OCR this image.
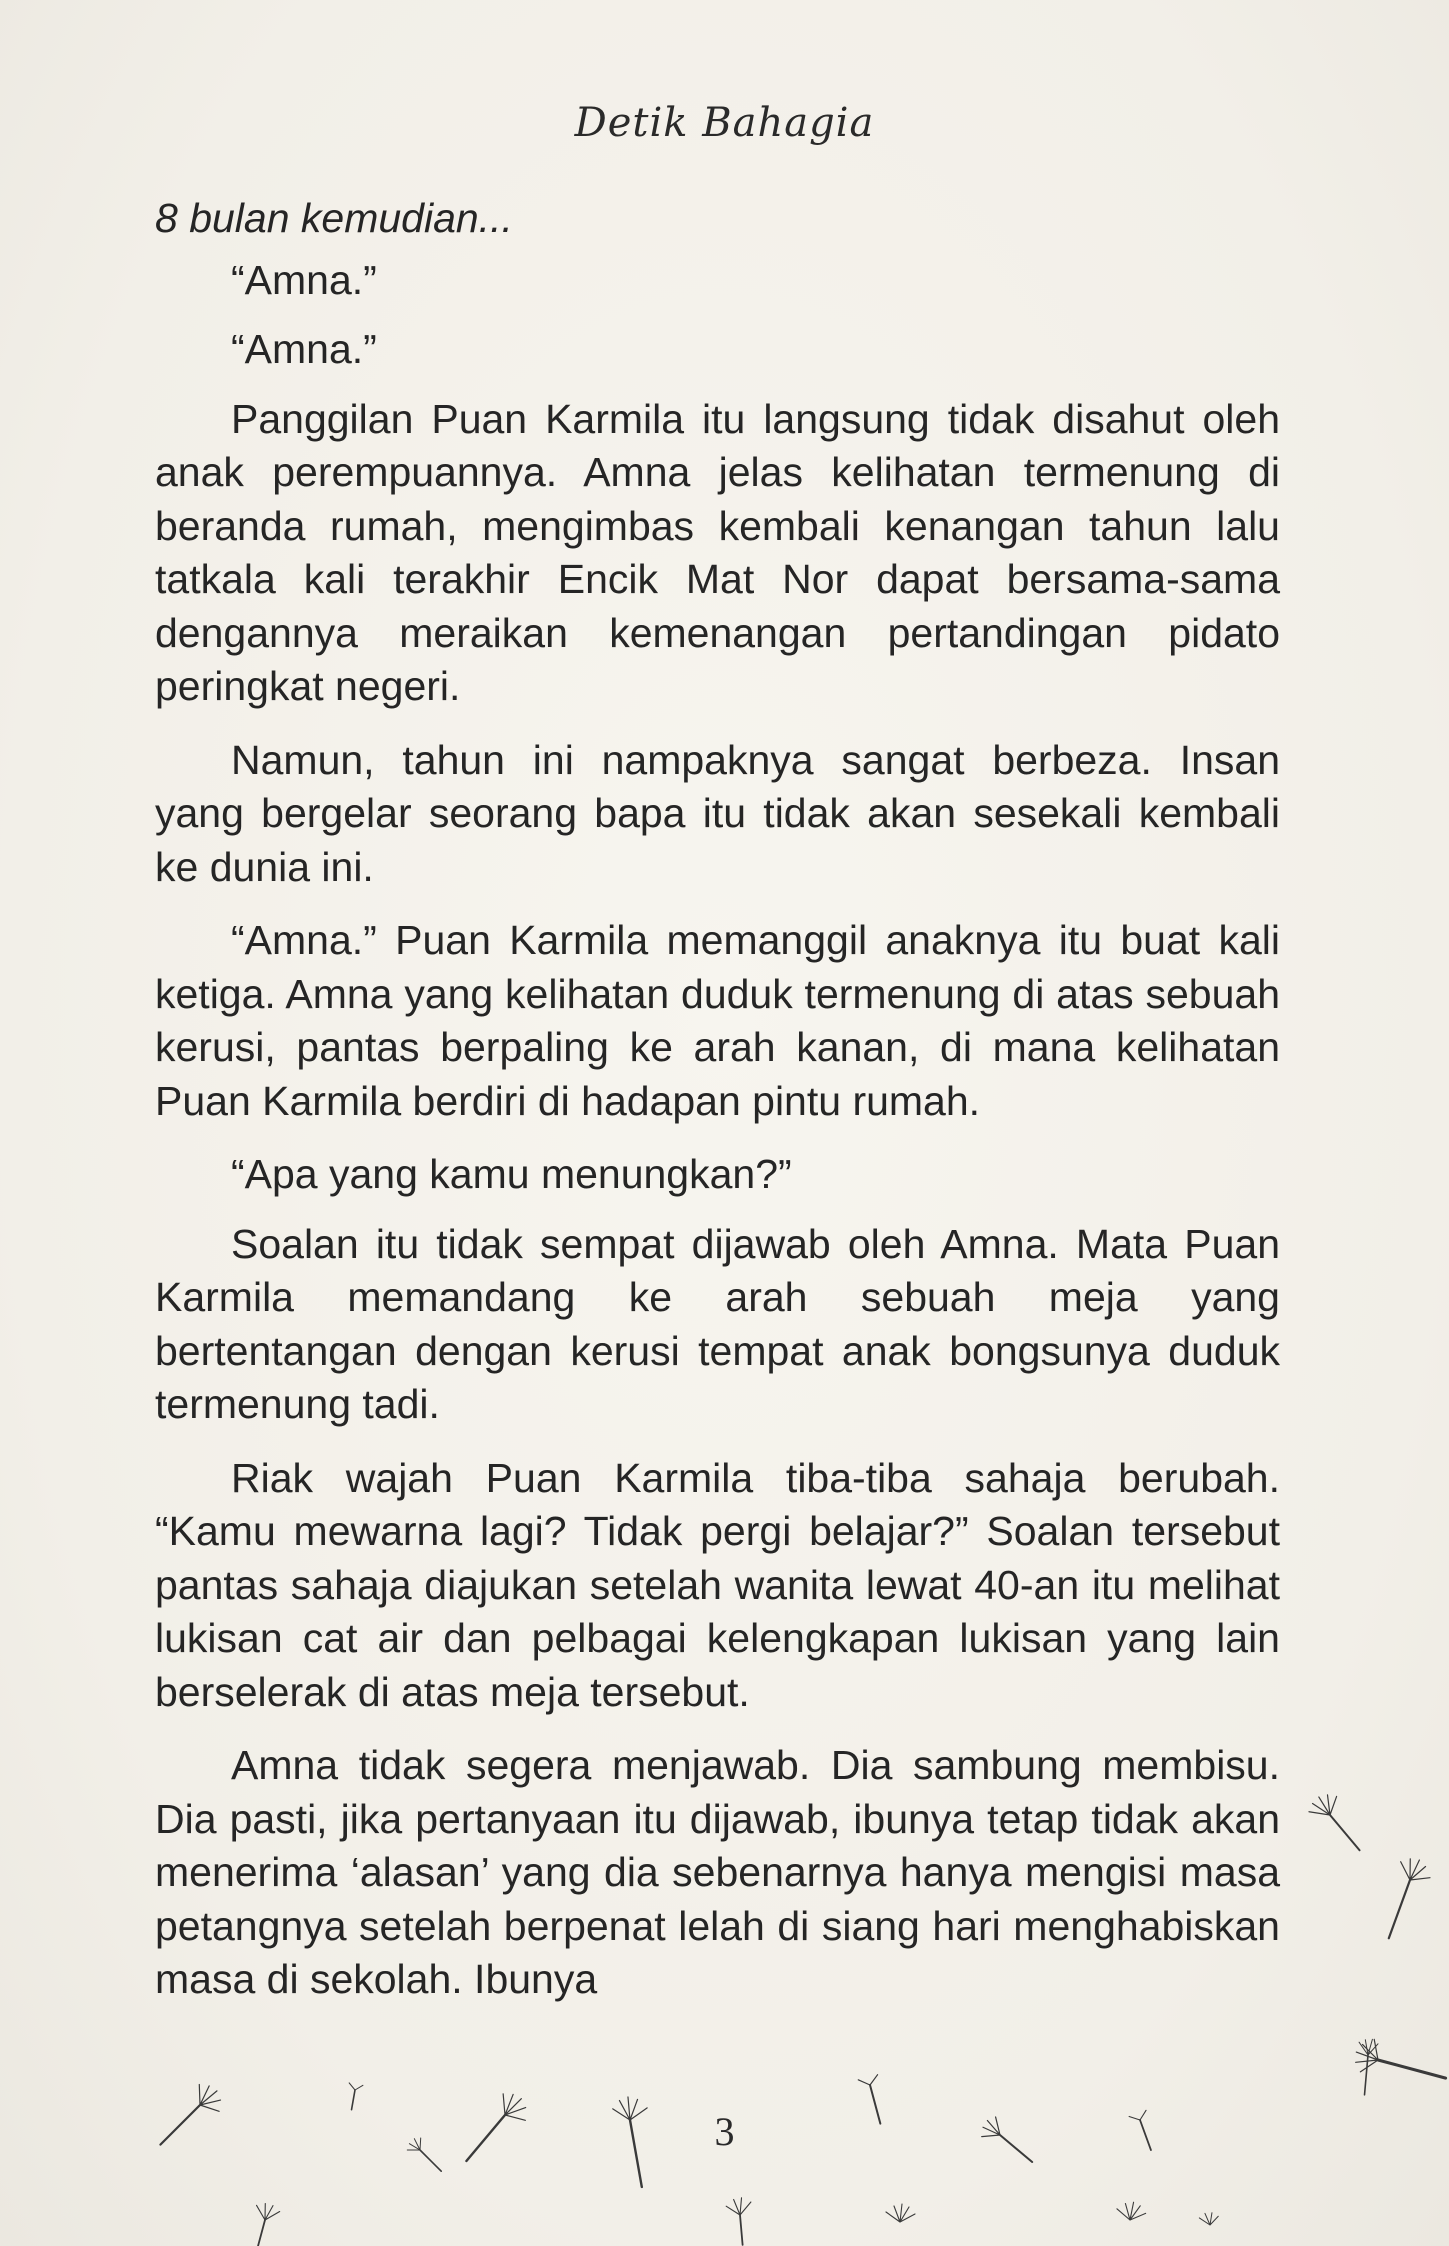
Detik Bahagia

8 bulan kemudian...

“Amna.”

“Amna.”

Panggilan Puan Karmila itu langsung tidak disahut oleh anak perempuannya. Amna jelas kelihatan termenung di beranda rumah, mengimbas kembali kenangan tahun lalu tatkala kali terakhir Encik Mat Nor dapat bersama-sama dengannya meraikan kemenangan pertandingan pidato peringkat negeri.

Namun, tahun ini nampaknya sangat berbeza. Insan yang bergelar seorang bapa itu tidak akan sesekali kembali ke dunia ini.

“Amna.” Puan Karmila memanggil anaknya itu buat kali ketiga. Amna yang kelihatan duduk termenung di atas sebuah kerusi, pantas berpaling ke arah kanan, di mana kelihatan Puan Karmila berdiri di hadapan pintu rumah.

“Apa yang kamu menungkan?”

Soalan itu tidak sempat dijawab oleh Amna. Mata Puan Karmila memandang ke arah sebuah meja yang bertentangan dengan kerusi tempat anak bongsunya duduk termenung tadi.

Riak wajah Puan Karmila tiba-tiba sahaja berubah. “Kamu mewarna lagi? Tidak pergi belajar?” Soalan tersebut pantas sahaja diajukan setelah wanita lewat 40-an itu melihat lukisan cat air dan pelbagai kelengkapan lukisan yang lain berselerak di atas meja tersebut.

Amna tidak segera menjawab. Dia sambung membisu. Dia pasti, jika pertanyaan itu dijawab, ibunya tetap tidak akan menerima ‘alasan’ yang dia sebenarnya hanya mengisi masa petangnya setelah berpenat lelah di siang hari menghabiskan masa di sekolah. Ibunya

3
